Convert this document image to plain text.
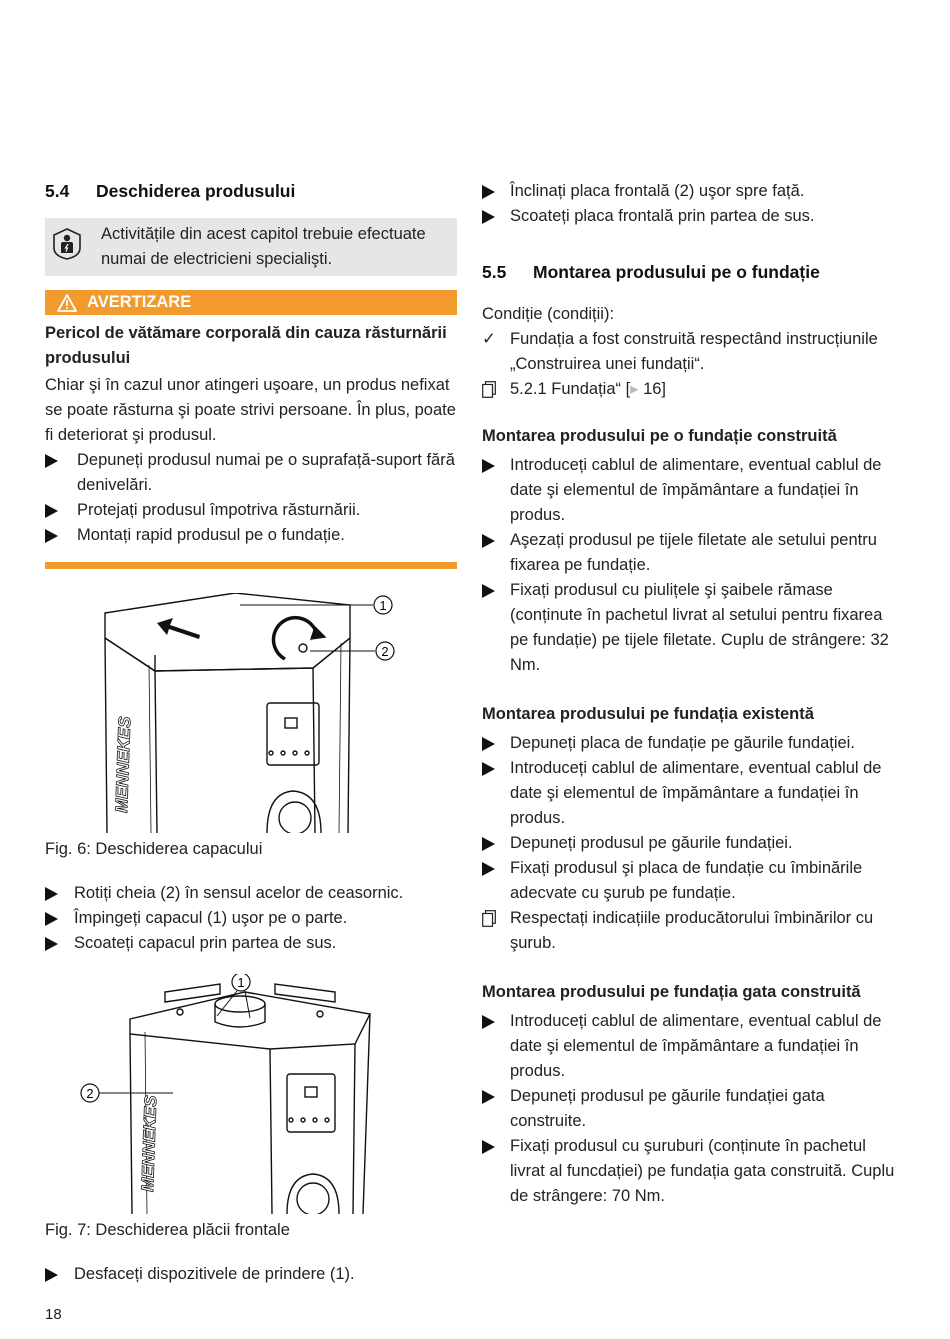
5.4	Deschiderea produsului
Activitățile din acest capitol trebuie efectuate numai de electricieni specialişti.
AVERTIZARE
Pericol de vătămare corporală din cauza răsturnării produsului

Chiar şi în cazul unor atingeri uşoare, un produs nefixat se poate răsturna şi poate strivi persoane. În plus, poate fi deteriorat şi produsul.

Depuneți produsul numai pe o suprafață-suport fără denivelări.
Protejați produsul împotriva răsturnării.
Montați rapid produsul pe o fundație.
MENNEKES
1
2
Fig. 6: Deschiderea capacului
Rotiți cheia (2) în sensul acelor de ceasornic.
Împingeți capacul (1) uşor pe o parte.
Scoateți capacul prin partea de sus.
MENNEKES
1
2
Fig. 7: Deschiderea plăcii frontale
Desfaceți dispozitivele de prindere (1).
Înclinați placa frontală (2) uşor spre față.
Scoateți placa frontală prin partea de sus.
5.5	Montarea produsului pe o fundație
Condiție (condiții):
✓ Fundația a fost construită respectând instrucțiunile „Construirea unei fundații“.
5.2.1 Fundația“ [▸ 16]
Montarea produsului pe o fundație construită
Introduceți cablul de alimentare, eventual cablul de date şi elementul de împământare a fundației în produs.
Aşezați produsul pe tijele filetate ale setului pentru fixarea pe fundație.
Fixați produsul cu piulițele şi şaibele rămase (conținute în pachetul livrat al setului pentru fixarea pe fundație) pe tijele filetate. Cuplu de strângere: 32 Nm.
Montarea produsului pe fundația existentă
Depuneți placa de fundație pe găurile fundației.
Introduceți cablul de alimentare, eventual cablul de date şi elementul de împământare a fundației în produs.
Depuneți produsul pe găurile fundației.
Fixați produsul şi placa de fundație cu îmbinările adecvate cu şurub pe fundație.
Respectați indicațiile producătorului îmbinărilor cu şurub.
Montarea produsului pe fundația gata construită
Introduceți cablul de alimentare, eventual cablul de date şi elementul de împământare a fundației în produs.
Depuneți produsul pe găurile fundației gata construite.
Fixați produsul cu şuruburi (conținute în pachetul livrat al funcdației) pe fundația gata construită. Cuplu de strângere: 70 Nm.
18
